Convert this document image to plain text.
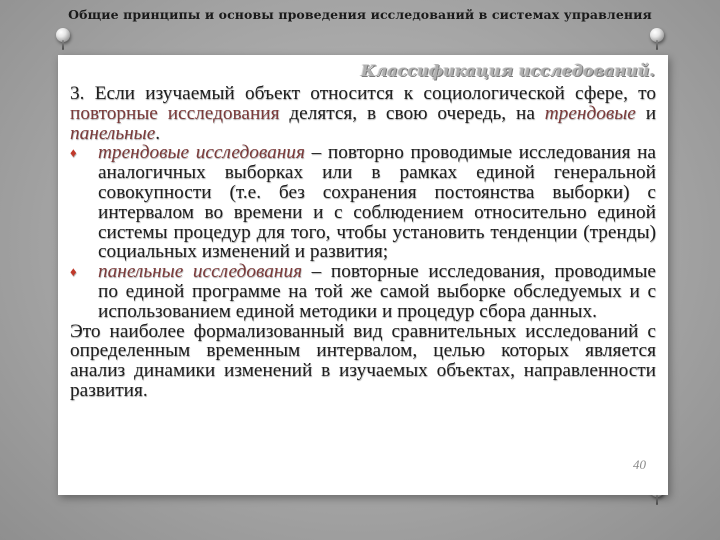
Общие принципы и основы проведения исследований в системах управления
Классификация исследований.

3. Если изучаемый объект относится к социологической сфере, то повторные исследования делятся, в свою очередь, на трендовые и панельные.

♦	трендовые исследования – повторно проводимые исследования на аналогичных выборках или в рамках единой генеральной совокупности (т.е. без сохранения постоянства выборки) с интервалом во времени и с соблюдением относительно единой системы процедур для того, чтобы установить тенденции (тренды) социальных изменений и развития;

♦	панельные исследования – повторные исследования, проводимые по единой программе на той же самой выборке обследуемых и с использованием единой методики и процедур сбора данных.

Это наиболее формализованный вид сравнительных исследований с определенным временным интервалом, целью которых является анализ динамики изменений в изучаемых объектах, направленности развития.

40
